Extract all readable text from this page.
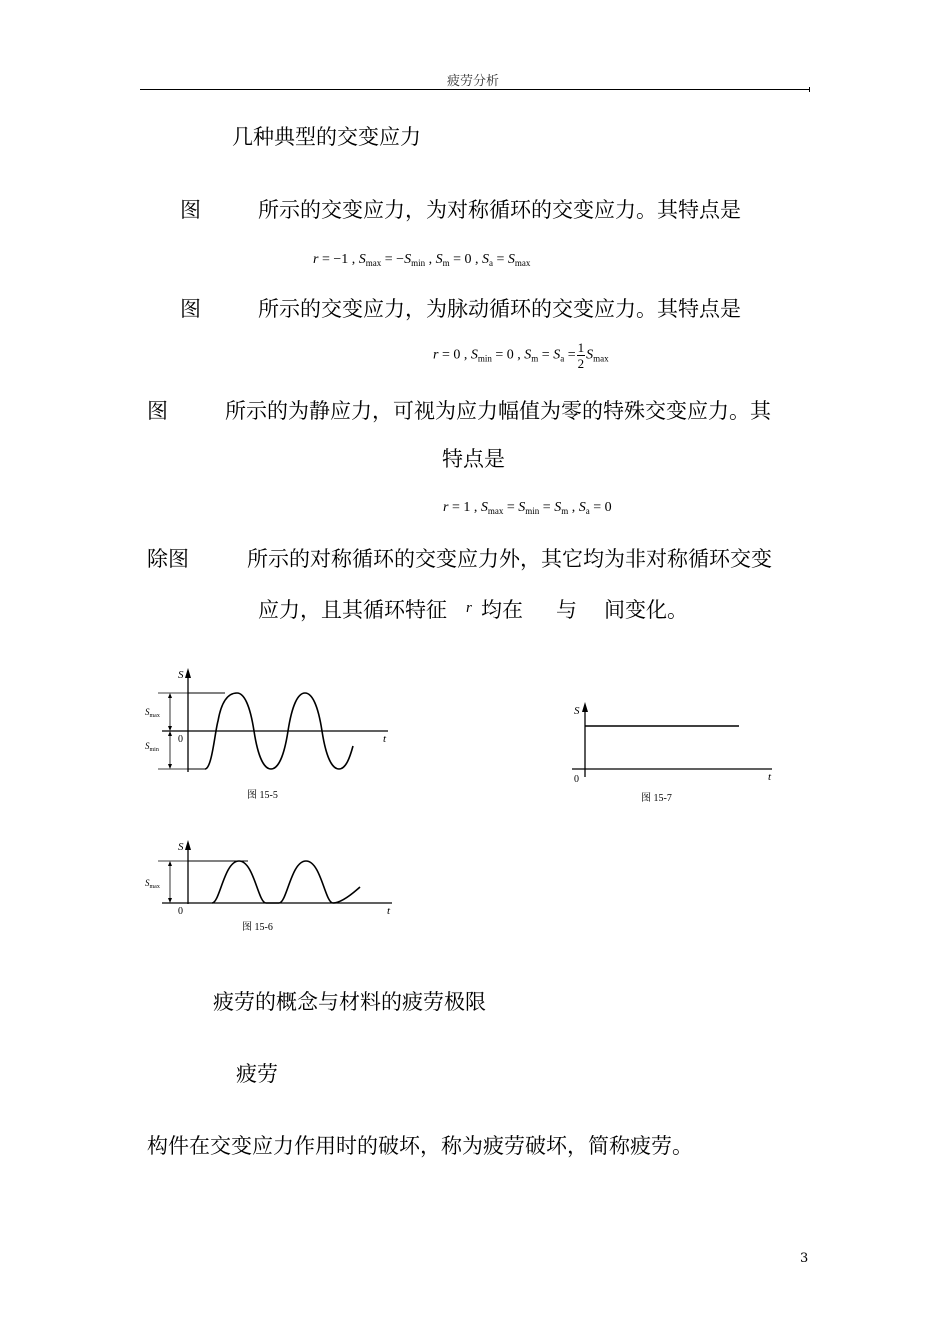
疲劳分析
几种典型的交变应力
图	所示的交变应力，为对称循环的交变应力。其特点是
r = −1 , $S_{max} = -S_{min}$ , $S_m = 0$ , $S_a = S_{max}$
图	所示的交变应力，为脉动循环的交变应力。其特点是
r = 0 , $S_{min} = 0$ , $S_m = S_a = \frac{1}{2} S_{max}$
图	所示的为静应力，可视为应力幅值为零的特殊交变应力。其
特点是
r = 1 , $S_{max} = S_{min} = S_m$ , $S_a = 0$
除图	所示的对称循环的交变应力外，其它均为非对称循环交变
应力，且其循环特征 r 均在 与 间变化。
S
t
0
$S_{max}$
$S_{min}$
图 15-5
S
t
0
$S_{max}$
图 15-6
S
t
0
图 15-7
疲劳的概念与材料的疲劳极限
疲劳
构件在交变应力作用时的破坏，称为疲劳破坏，简称疲劳。
3
